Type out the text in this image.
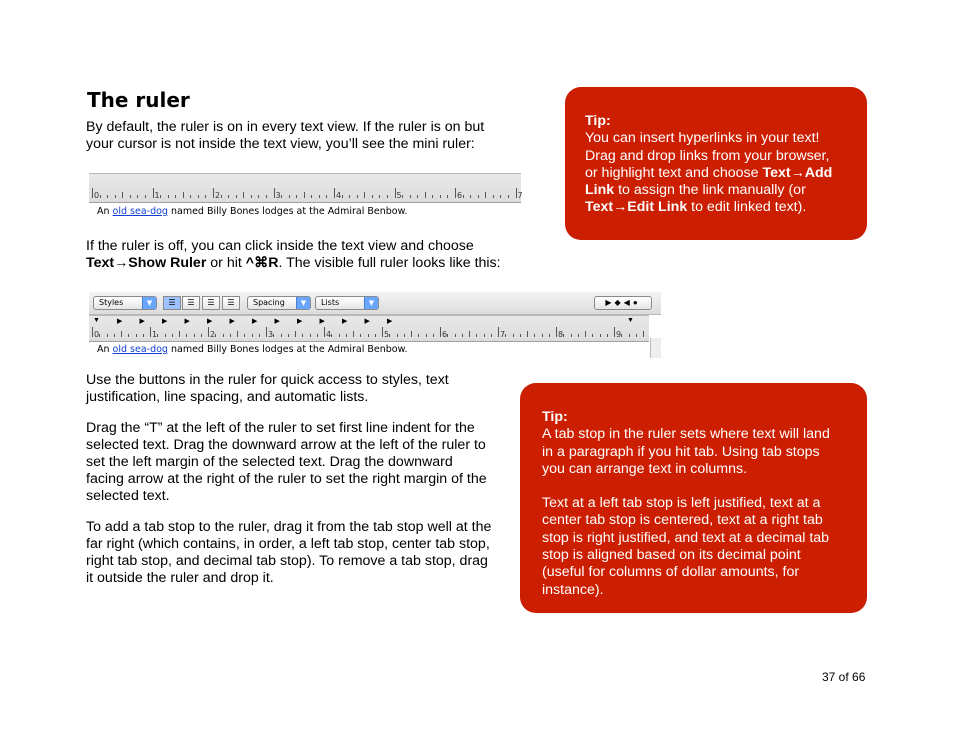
The ruler

By default, the ruler is on in every text view. If the ruler is on but
your cursor is not inside the text view, you’ll see the mini ruler:

0	1	2	3	4	5	6	7
An old sea-dog named Billy Bones lodges at the Admiral Benbow.

If the ruler is off, you can click inside the text view and choose
Text→Show Ruler or hit ^⌘R. The visible full ruler looks like this:

Styles	▼	☰	☰	☰	☰	Spacing	▼	Lists	▼	▶◆◀●
0	1	2	3	4	5	6	7	8	9
▶ ▶ ▶ ▶ ▶ ▶ ▶ ▶ ▶ ▶ ▶ ▶ ▶
▼	▼
An old sea-dog named Billy Bones lodges at the Admiral Benbow.

Use the buttons in the ruler for quick access to styles, text
justification, line spacing, and automatic lists.

Drag the “T” at the left of the ruler to set first line indent for the
selected text. Drag the downward arrow at the left of the ruler to
set the left margin of the selected text. Drag the downward
facing arrow at the right of the ruler to set the right margin of the
selected text.

To add a tab stop to the ruler, drag it from the tab stop well at the
far right (which contains, in order, a left tab stop, center tab stop,
right tab stop, and decimal tab stop). To remove a tab stop, drag
it outside the ruler and drop it.

Tip:

You can insert hyperlinks in your text!

Drag and drop links from your browser,

or highlight text and choose Text→Add

Link to assign the link manually (or

Text→Edit Link to edit linked text).

Tip:

A tab stop in the ruler sets where text will land
in a paragraph if you hit tab. Using tab stops
you can arrange text in columns.
Text at a left tab stop is left justified, text at a
center tab stop is centered, text at a right tab
stop is right justified, and text at a decimal tab
stop is aligned based on its decimal point
(useful for columns of dollar amounts, for
instance).
37 of 66
